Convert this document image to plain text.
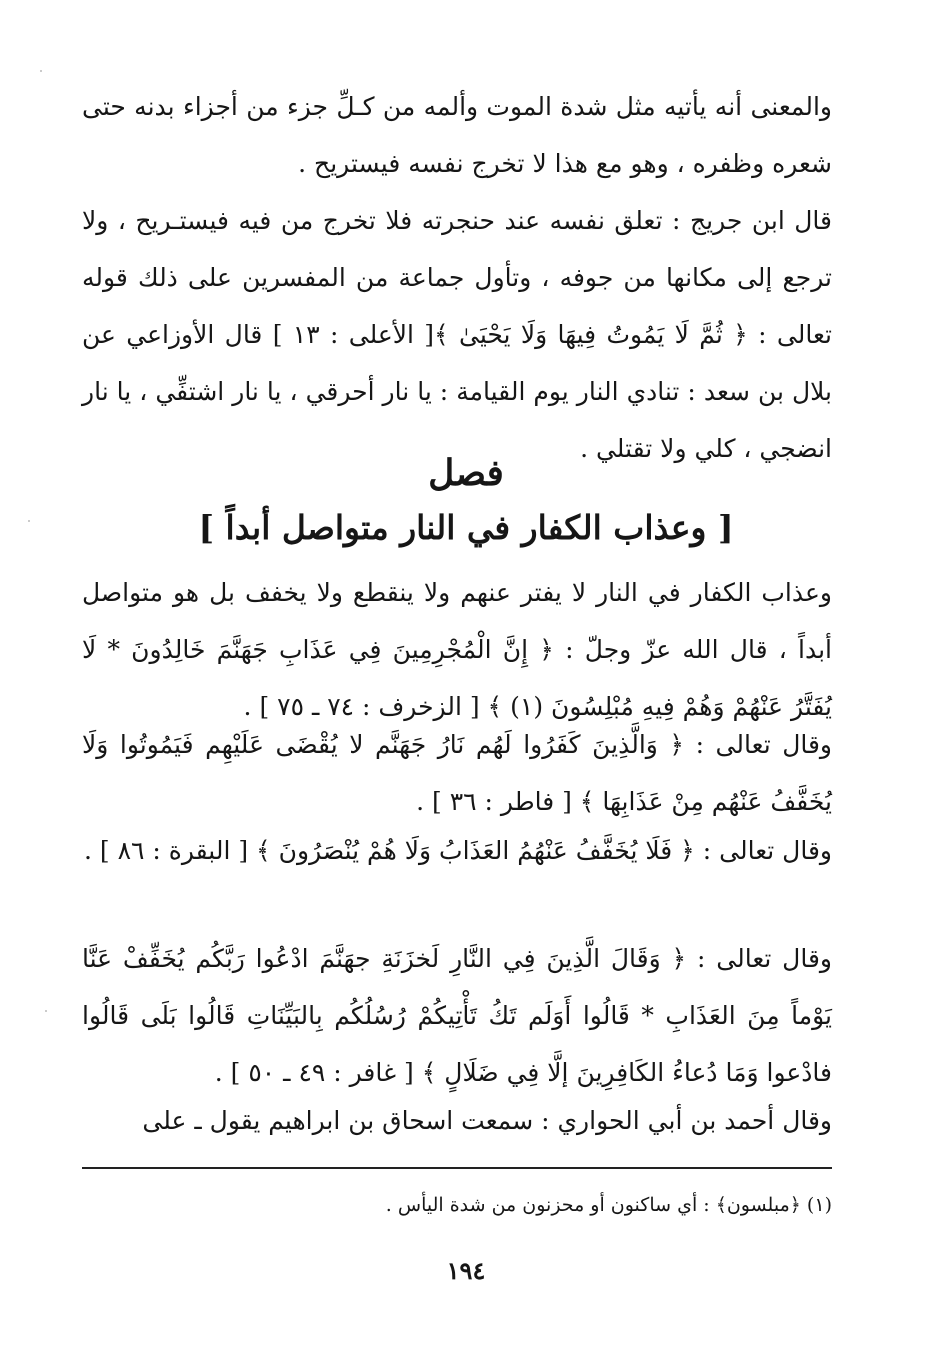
والمعنى أنه يأتيه مثل شدة الموت وألمه من كـلِّ جزء من أجزاء بدنه حتى شعره وظفره ، وهو مع هذا لا تخرج نفسه فيستريح .

قال ابن جريج : تعلق نفسه عند حنجرته فلا تخرج من فيه فيستـريح ، ولا ترجع إلى مكانها من جوفه ، وتأول جماعة من المفسرين على ذلك قوله تعالى : ﴿ ثُمَّ لَا يَمُوتُ فِيهَا وَلَا يَحْيَىٰ ﴾[ الأعلى : ١٣ ] قال الأوزاعي عن بلال بن سعد : تنادي النار يوم القيامة : يا نار أحرقي ، يا نار اشتفِّي ، يا نار انضجي ، كلي ولا تقتلي .

فصل
[ وعذاب الكفار في النار متواصل أبداً ]

وعذاب الكفار في النار لا يفتر عنهم ولا ينقطع ولا يخفف بل هو متواصل أبداً ، قال الله عزّ وجلّ : ﴿ إِنَّ الْمُجْرِمِينَ فِي عَذَابِ جَهَنَّمَ خَالِدُونَ * لَا يُفَتَّرُ عَنْهُمْ وَهُمْ فِيهِ مُبْلِسُونَ (١) ﴾ [ الزخرف : ٧٤ ـ ٧٥ ] .

وقال تعالى : ﴿ وَالَّذِينَ كَفَرُوا لَهُم نَارُ جَهَنَّم لا يُقْضَى عَلَيْهِم فَيَمُوتُوا وَلَا يُخَفَّفُ عَنْهُم مِنْ عَذَابِهَا ﴾ [ فاطر : ٣٦ ] .

وقال تعالى : ﴿ فَلَا يُخَفَّفُ عَنْهُمُ العَذَابُ وَلَا هُمْ يُنْصَرُونَ ﴾ [ البقرة : ٨٦ ] .

وقال تعالى : ﴿ وَقَالَ الَّذِينَ فِي النَّارِ لَخزَنَةِ جهَنَّمَ ادْعُوا رَبَّكُم يُخَفِّفْ عَنَّا يَوْماً مِنَ العَذَابِ * قَالُوا أَوَلَم تَكُ تَأْتِيكُمْ رُسُلُكُم بِالبَيِّنَاتِ قَالُوا بَلَى قَالُوا فادْعوا وَمَا دُعاءُ الكَافِرِينَ إلَّا فِي ضَلَالٍ ﴾ [ غافر : ٤٩ ـ ٥٠ ] .

وقال أحمد بن أبي الحواري : سمعت اسحاق بن ابراهيم يقول ـ على

(١) ﴿مبلسون﴾ : أي ساكنون أو محزنون من شدة اليأس .

١٩٤
